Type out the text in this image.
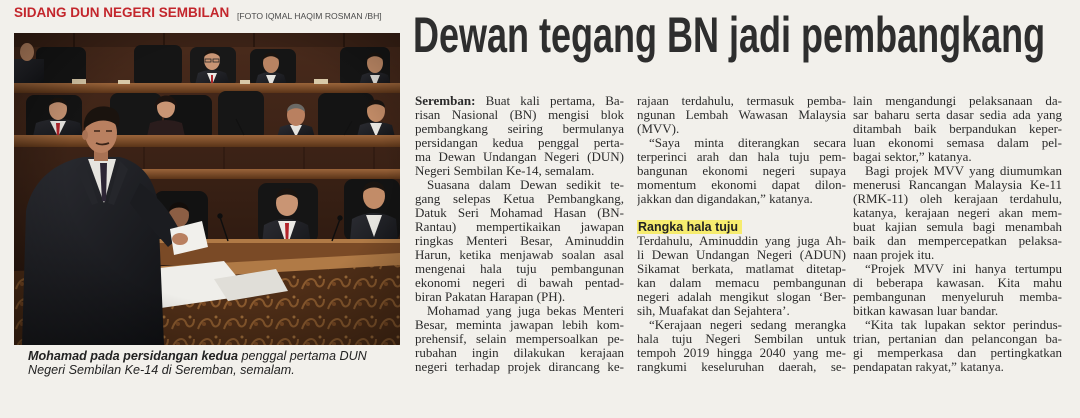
SIDANG DUN NEGERI SEMBILAN [FOTO IQMAL HAQIM ROSMAN /BH]
Mohamad pada persidangan kedua penggal pertama DUN
Negeri Sembilan Ke-14 di Seremban, semalam.
Dewan tegang BN jadi pembangkang
Seremban: Buat kali pertama, Ba-
risan Nasional (BN) mengisi blok
pembangkang seiring bermulanya
persidangan kedua penggal perta-
ma Dewan Undangan Negeri (DUN)
Negeri Sembilan Ke-14, semalam.
Suasana dalam Dewan sedikit te-
gang selepas Ketua Pembangkang,
Datuk Seri Mohamad Hasan (BN-
Rantau) mempertikaikan jawapan
ringkas Menteri Besar, Aminuddin
Harun, ketika menjawab soalan asal
mengenai hala tuju pembangunan
ekonomi negeri di bawah pentad-
biran Pakatan Harapan (PH).
Mohamad yang juga bekas Menteri
Besar, meminta jawapan lebih kom-
prehensif, selain mempersoalkan pe-
rubahan ingin dilakukan kerajaan
negeri terhadap projek dirancang ke-
rajaan terdahulu, termasuk pemba-
ngunan Lembah Wawasan Malaysia
(MVV).
“Saya minta diterangkan secara
terperinci arah dan hala tuju pem-
bangunan ekonomi negeri supaya
momentum ekonomi dapat dilon-
jakkan dan digandakan,” katanya.
Rangka hala tuju
Terdahulu, Aminuddin yang juga Ah-
li Dewan Undangan Negeri (ADUN)
Sikamat berkata, matlamat ditetap-
kan dalam memacu pembangunan
negeri adalah mengikut slogan ‘Ber-
sih, Muafakat dan Sejahtera’.
“Kerajaan negeri sedang merangka
hala tuju Negeri Sembilan untuk
tempoh 2019 hingga 2040 yang me-
rangkumi keseluruhan daerah, se-
lain mengandungi pelaksanaan da-
sar baharu serta dasar sedia ada yang
ditambah baik berpandukan keper-
luan ekonomi semasa dalam pel-
bagai sektor,” katanya.
Bagi projek MVV yang diumumkan
menerusi Rancangan Malaysia Ke-11
(RMK-11) oleh kerajaan terdahulu,
katanya, kerajaan negeri akan mem-
buat kajian semula bagi menambah
baik dan mempercepatkan pelaksa-
naan projek itu.
“Projek MVV ini hanya tertumpu
di beberapa kawasan. Kita mahu
pembangunan menyeluruh memba-
bitkan kawasan luar bandar.
“Kita tak lupakan sektor perindus-
trian, pertanian dan pelancongan ba-
gi memperkasa dan pertingkatkan
pendapatan rakyat,” katanya.
